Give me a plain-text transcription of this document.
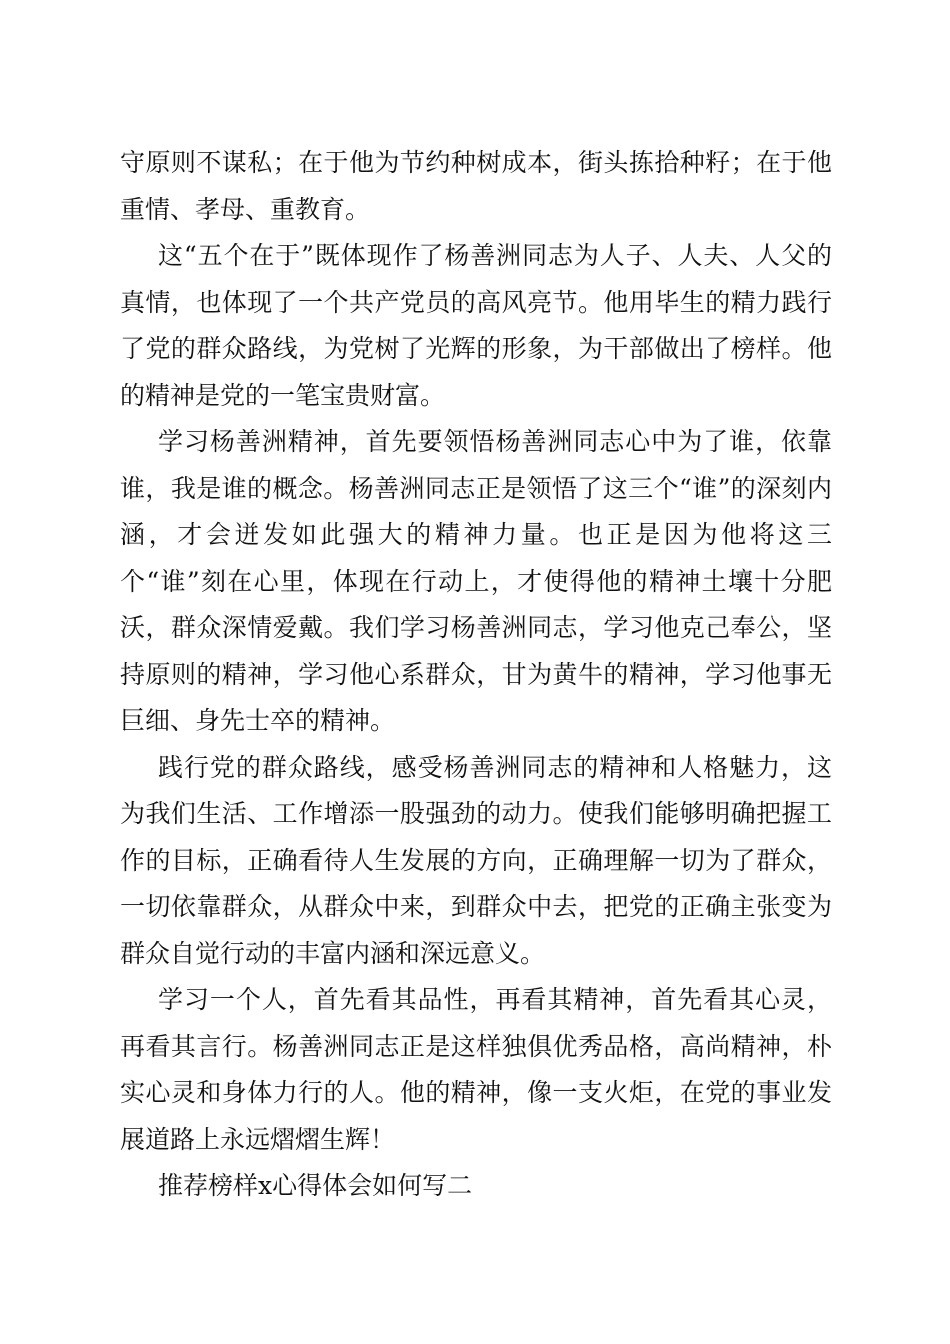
守原则不谋私；在于他为节约种树成本，街头拣拾种籽；在于他重情、孝母、重教育。

这“五个在于”既体现作了杨善洲同志为人子、人夫、人父的真情，也体现了一个共产党员的高风亮节。他用毕生的精力践行了党的群众路线，为党树了光辉的形象，为干部做出了榜样。他的精神是党的一笔宝贵财富。

学习杨善洲精神，首先要领悟杨善洲同志心中为了谁，依靠谁，我是谁的概念。杨善洲同志正是领悟了这三个“谁”的深刻内涵，才会迸发如此强大的精神力量。也正是因为他将这三个“谁”刻在心里，体现在行动上，才使得他的精神土壤十分肥沃，群众深情爱戴。我们学习杨善洲同志，学习他克己奉公，坚持原则的精神，学习他心系群众，甘为黄牛的精神，学习他事无巨细、身先士卒的精神。

践行党的群众路线，感受杨善洲同志的精神和人格魅力，这为我们生活、工作增添一股强劲的动力。使我们能够明确把握工作的目标，正确看待人生发展的方向，正确理解一切为了群众，一切依靠群众，从群众中来，到群众中去，把党的正确主张变为群众自觉行动的丰富内涵和深远意义。

学习一个人，首先看其品性，再看其精神，首先看其心灵，再看其言行。杨善洲同志正是这样独俱优秀品格，高尚精神，朴实心灵和身体力行的人。他的精神，像一支火炬，在党的事业发展道路上永远熠熠生辉！

推荐榜样x心得体会如何写二
